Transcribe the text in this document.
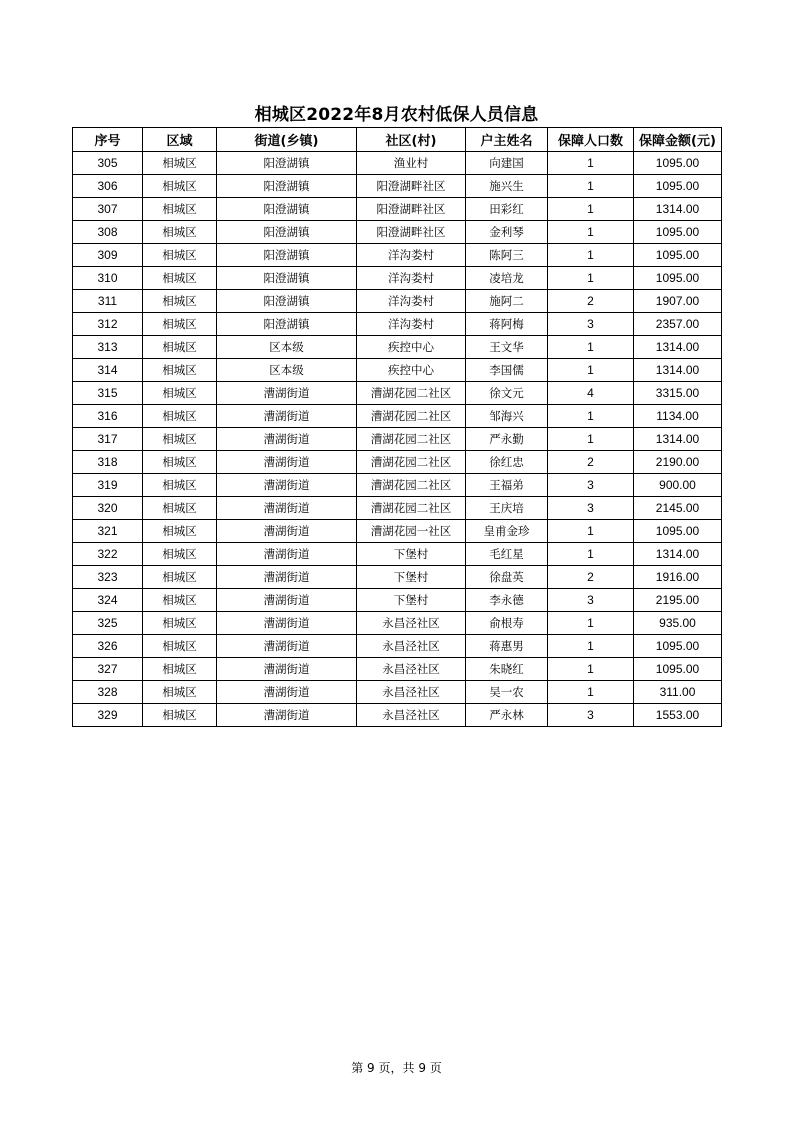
相城区2022年8月农村低保人员信息
序号	区域	街道(乡镇)	社区(村)	户主姓名	保障人口数	保障金额(元)
305	相城区	阳澄湖镇	渔业村	向建国	1	1095.00
306	相城区	阳澄湖镇	阳澄湖畔社区	施兴生	1	1095.00
307	相城区	阳澄湖镇	阳澄湖畔社区	田彩红	1	1314.00
308	相城区	阳澄湖镇	阳澄湖畔社区	金利琴	1	1095.00
309	相城区	阳澄湖镇	洋沟娄村	陈阿三	1	1095.00
310	相城区	阳澄湖镇	洋沟娄村	凌培龙	1	1095.00
311	相城区	阳澄湖镇	洋沟娄村	施阿二	2	1907.00
312	相城区	阳澄湖镇	洋沟娄村	蒋阿梅	3	2357.00
313	相城区	区本级	疾控中心	王文华	1	1314.00
314	相城区	区本级	疾控中心	李国儒	1	1314.00
315	相城区	漕湖街道	漕湖花园二社区	徐文元	4	3315.00
316	相城区	漕湖街道	漕湖花园二社区	邹海兴	1	1134.00
317	相城区	漕湖街道	漕湖花园二社区	严永勤	1	1314.00
318	相城区	漕湖街道	漕湖花园二社区	徐红忠	2	2190.00
319	相城区	漕湖街道	漕湖花园二社区	王福弟	3	900.00
320	相城区	漕湖街道	漕湖花园二社区	王庆培	3	2145.00
321	相城区	漕湖街道	漕湖花园一社区	皇甫金珍	1	1095.00
322	相城区	漕湖街道	下堡村	毛红星	1	1314.00
323	相城区	漕湖街道	下堡村	徐盘英	2	1916.00
324	相城区	漕湖街道	下堡村	李永德	3	2195.00
325	相城区	漕湖街道	永昌泾社区	俞根寿	1	935.00
326	相城区	漕湖街道	永昌泾社区	蒋惠男	1	1095.00
327	相城区	漕湖街道	永昌泾社区	朱晓红	1	1095.00
328	相城区	漕湖街道	永昌泾社区	吴一农	1	311.00
329	相城区	漕湖街道	永昌泾社区	严永林	3	1553.00
第 9 页，共 9 页
